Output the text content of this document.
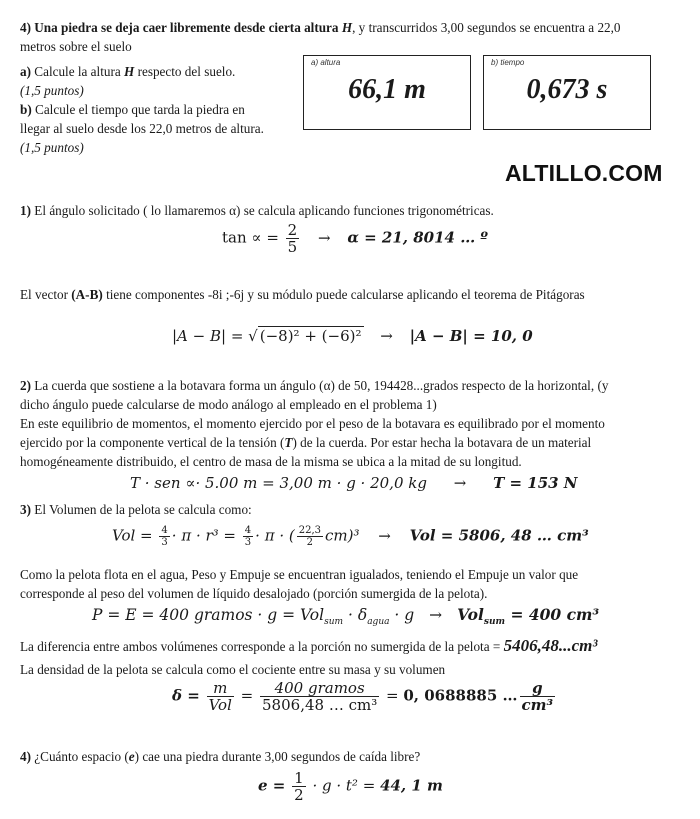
4) Una piedra se deja caer libremente desde cierta altura H, y transcurridos 3,00 segundos se encuentra a 22,0
metros sobre el suelo
a) Calcule la altura H respecto del suelo.
(1,5 puntos)
b) Calcule el tiempo que tarda la piedra en
llegar al suelo desde los 22,0 metros de altura.
(1,5 puntos)
a) altura
66,1 m
b) tiempo
0,673 s
ALTILLO.COM
1) El ángulo solicitado ( lo llamaremos α) se calcula aplicando funciones trigonométricas.
tan ∝ = $\frac{2}{5} \to \alpha = 21$, 8014 … º
El vector (A-B) tiene componentes -8i ;-6j y su módulo puede calcularse aplicando el teorema de Pitágoras
|A − B| = √ (−8)² + (−6)² → |A − B| = 10, 0
2) La cuerda que sostiene a la botavara forma un ángulo (α) de 50, 194428...grados respecto de la horizontal, (y
dicho ángulo puede calcularse de modo análogo al empleado en el problema 1)
En este equilibrio de momentos, el momento ejercido por el peso de la botavara es equilibrado por el momento
ejercido por la componente vertical de la tensión (T) de la cuerda. Por estar hecha la botavara de un material
homogéneamente distribuido, el centro de masa de la misma se ubica a la mitad de su longitud.
T · sen ∝· 5.00 m = 3,00 m · g · 20,0 kg → T = 153 N
3) El Volumen de la pelota se calcula como:
Vol = $\frac{4}{3} \cdot \pi \cdot r^3 = \frac{4}{3} \cdot \pi$ · ( $\frac{22,3}{2} cm)^3$ → Vol = 5806, 48 … cm³
Como la pelota flota en el agua, Peso y Empuje se encuentran igualados, teniendo el Empuje un valor que
corresponde al peso del volumen de líquido desalojado (porción sumergida de la pelota).
P = E = 400 gramos · $g = Vol_{sum} \cdot \delta_{agua} \cdot g \to Vol_{sum} = 400$ cm³
La diferencia entre ambos volúmenes corresponde a la porción no sumergida de la pelota = 5406,48...cm³
La densidad de la pelota se calcula como el cociente entre su masa y su volumen
$\delta = \frac{m}{\text{Vol}} = \frac{\text{400 gramos}}{\text{5806,48 … cm³}} = 0$, 0688885 … $\frac{g}{\text{cm³}}$
4) ¿Cuánto espacio (e) cae una piedra durante 3,00 segundos de caída libre?
$e = \frac{1}{2} \cdot g \cdot t^2 = 44$, 1 m
